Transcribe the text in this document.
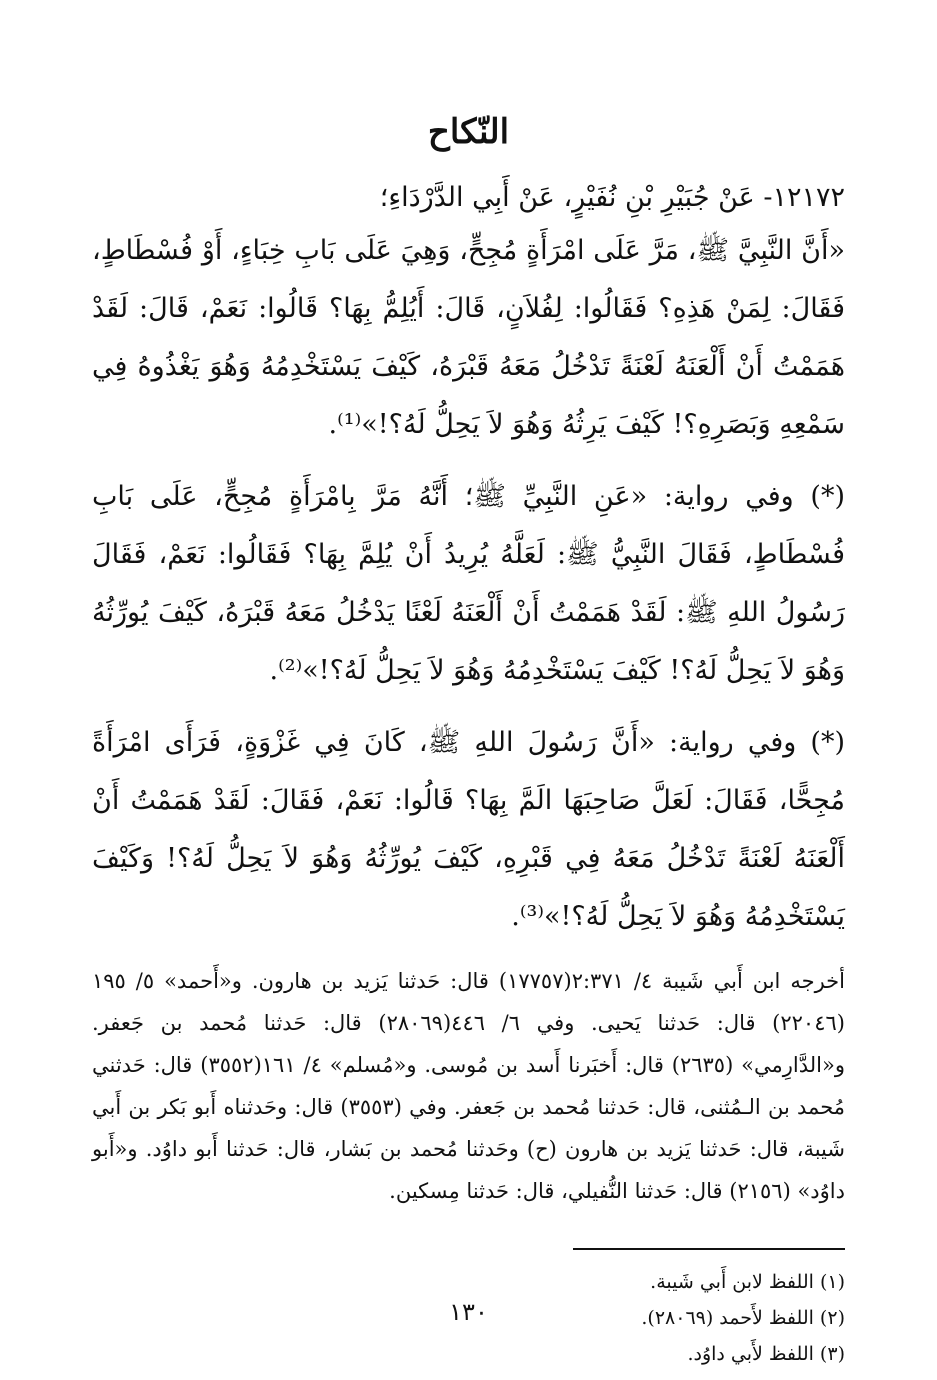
النّكاح

١٢١٧٢- عَنْ جُبَيْرِ بْنِ نُفَيْرٍ، عَنْ أَبِي الدَّرْدَاءِ؛

«أَنَّ النَّبِيَّ ﷺ، مَرَّ عَلَى امْرَأَةٍ مُجِحٍّ، وَهِيَ عَلَى بَابِ خِبَاءٍ، أَوْ فُسْطَاطٍ، فَقَالَ: لِمَنْ هَذِهِ؟ فَقَالُوا: لِفُلاَنٍ، قَالَ: أَيُلِمُّ بِهَا؟ قَالُوا: نَعَمْ، قَالَ: لَقَدْ هَمَمْتُ أَنْ أَلْعَنَهُ لَعْنَةً تَدْخُلُ مَعَهُ قَبْرَهُ، كَيْفَ يَسْتَخْدِمُهُ وَهُوَ يَغْذُوهُ فِي سَمْعِهِ وَبَصَرِهِ؟! كَيْفَ يَرِثُهُ وَهُوَ لاَ يَحِلُّ لَهُ؟!»⁽¹⁾.

(*) وفي رواية: «عَنِ النَّبِيِّ ﷺ؛ أَنَّهُ مَرَّ بِامْرَأَةٍ مُجِحٍّ، عَلَى بَابِ فُسْطَاطٍ، فَقَالَ النَّبِيُّ ﷺ: لَعَلَّهُ يُرِيدُ أَنْ يُلِمَّ بِهَا؟ فَقَالُوا: نَعَمْ، فَقَالَ رَسُولُ اللهِ ﷺ: لَقَدْ هَمَمْتُ أَنْ أَلْعَنَهُ لَعْنًا يَدْخُلُ مَعَهُ قَبْرَهُ، كَيْفَ يُورِّثُهُ وَهُوَ لاَ يَحِلُّ لَهُ؟! كَيْفَ يَسْتَخْدِمُهُ وَهُوَ لاَ يَحِلُّ لَهُ؟!»⁽²⁾.

(*) وفي رواية: «أَنَّ رَسُولَ اللهِ ﷺ، كَانَ فِي غَزْوَةٍ، فَرَأَى امْرَأَةً مُجِحًّا، فَقَالَ: لَعَلَّ صَاحِبَهَا الَمَّ بِهَا؟ قَالُوا: نَعَمْ، فَقَالَ: لَقَدْ هَمَمْتُ أَنْ أَلْعَنَهُ لَعْنَةً تَدْخُلُ مَعَهُ فِي قَبْرِهِ، كَيْفَ يُورِّثُهُ وَهُوَ لاَ يَحِلُّ لَهُ؟! وَكَيْفَ يَسْتَخْدِمُهُ وَهُوَ لاَ يَحِلُّ لَهُ؟!»⁽³⁾.

أخرجه ابن أَبي شَيبة ٤/ ٢:٣٧١(١٧٧٥٧) قال: حَدثنا يَزيد بن هارون. و«أَحمد» ٥/ ١٩٥ (٢٢٠٤٦) قال: حَدثنا يَحيى. وفي ٦/ ٤٤٦(٢٨٠٦٩) قال: حَدثنا مُحمد بن جَعفر. و«الدَّارِمي» (٢٦٣٥) قال: أَخبَرنا أَسد بن مُوسى. و«مُسلم» ٤/ ١٦١(٣٥٥٢) قال: حَدثني مُحمد بن الـمُثنى، قال: حَدثنا مُحمد بن جَعفر. وفي (٣٥٥٣) قال: وحَدثناه أَبو بَكر بن أَبي شَيبة، قال: حَدثنا يَزيد بن هارون (ح) وحَدثنا مُحمد بن بَشار، قال: حَدثنا أَبو داوُد. و«أَبو داوُد» (٢١٥٦) قال: حَدثنا النُّفيلي، قال: حَدثنا مِسكين.

(١) اللفظ لابن أَبي شَيبة.

(٢) اللفظ لأَحمد (٢٨٠٦٩).

(٣) اللفظ لأَبي داوُد.

١٣٠
